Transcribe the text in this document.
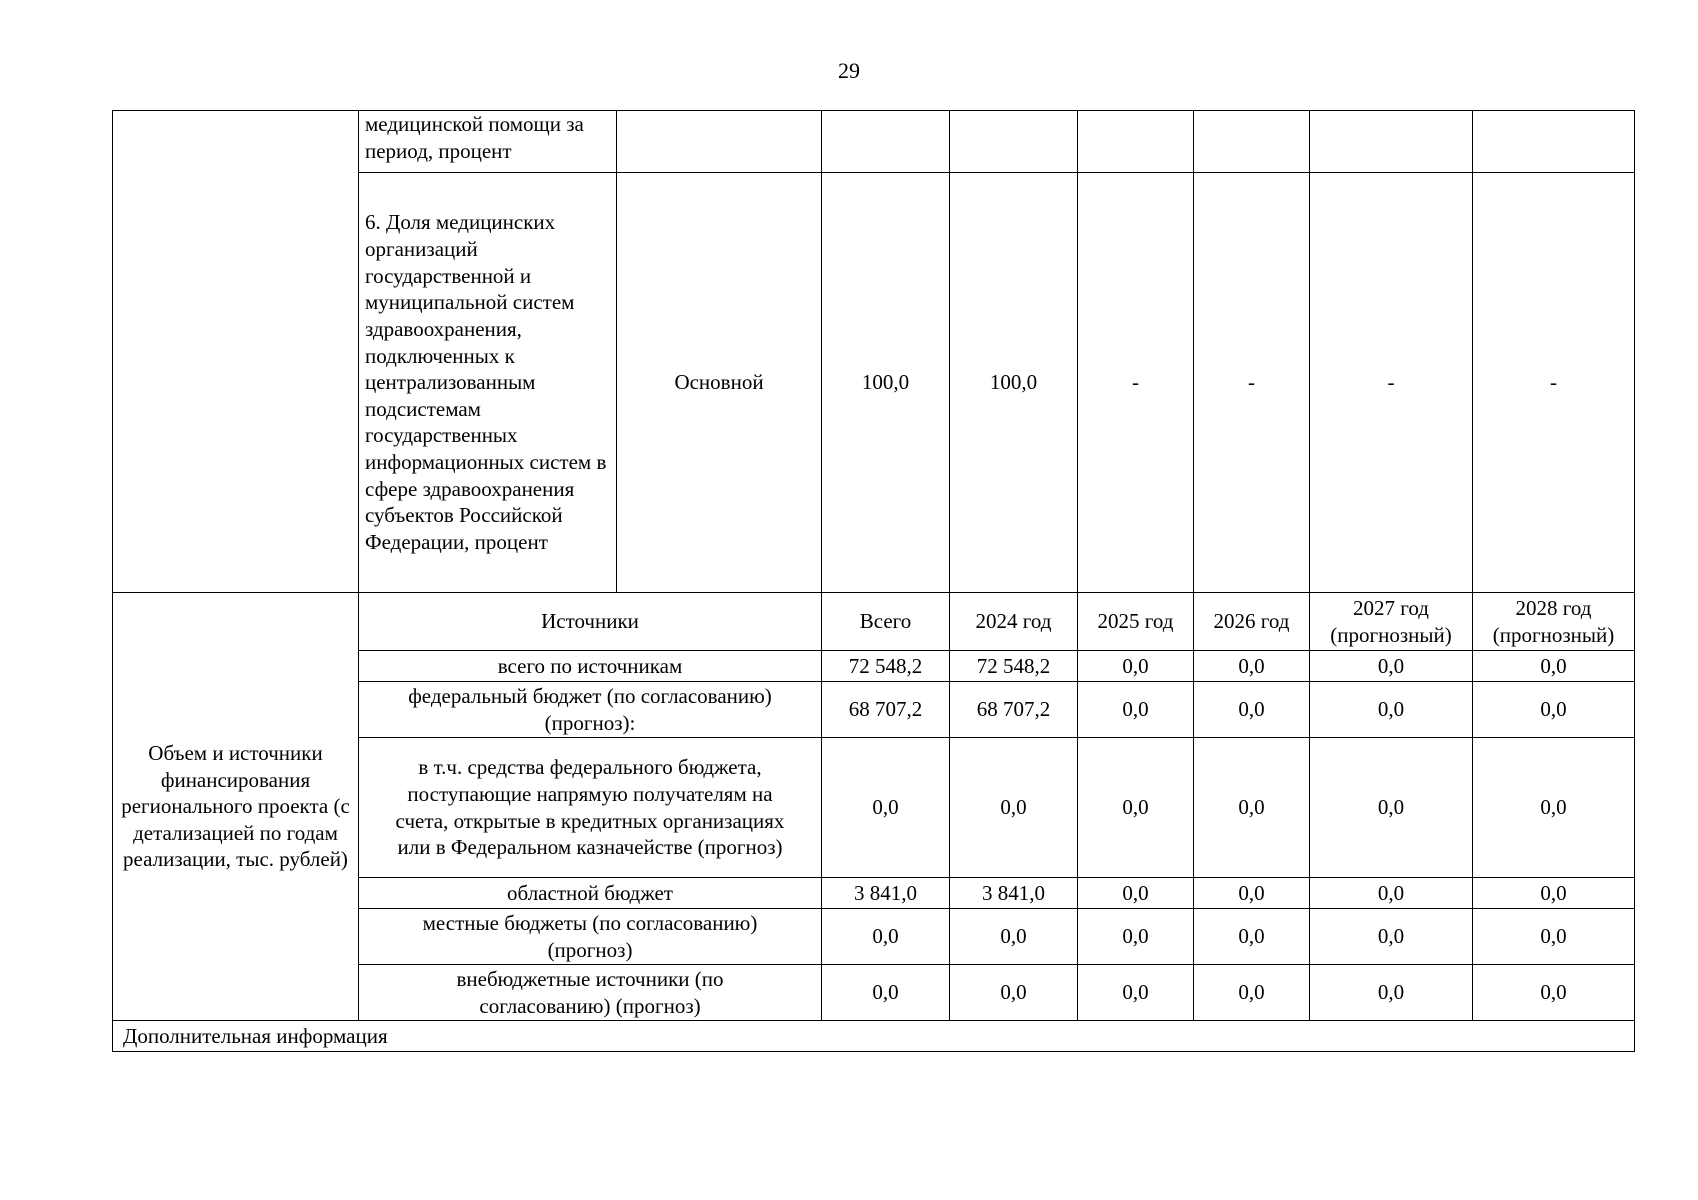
29
	медицинской помощи за период, процент							
	6. Доля медицинских организаций государственной и муниципальной систем здравоохранения, подключенных к централизованным подсистемам государственных информационных систем в сфере здравоохранения субъектов Российской Федерации, процент	Основной	100,0	100,0	-	-	-	-
Объем и источники финансирования регионального проекта (с детализацией по годам реализации, тыс. рублей)	Источники		Всего	2024 год	2025 год	2026 год	2027 год (прогнозный)	2028 год (прогнозный)
	всего по источникам		72 548,2	72 548,2	0,0	0,0	0,0	0,0
	федеральный бюджет (по согласованию) (прогноз):		68 707,2	68 707,2	0,0	0,0	0,0	0,0
	в т.ч. средства федерального бюджета, поступающие напрямую получателям на счета, открытые в кредитных организациях или в Федеральном казначействе (прогноз)		0,0	0,0	0,0	0,0	0,0	0,0
	областной бюджет		3 841,0	3 841,0	0,0	0,0	0,0	0,0
	местные бюджеты (по согласованию) (прогноз)		0,0	0,0	0,0	0,0	0,0	0,0
	внебюджетные источники (по согласованию) (прогноз)		0,0	0,0	0,0	0,0	0,0	0,0
Дополнительная информация								
